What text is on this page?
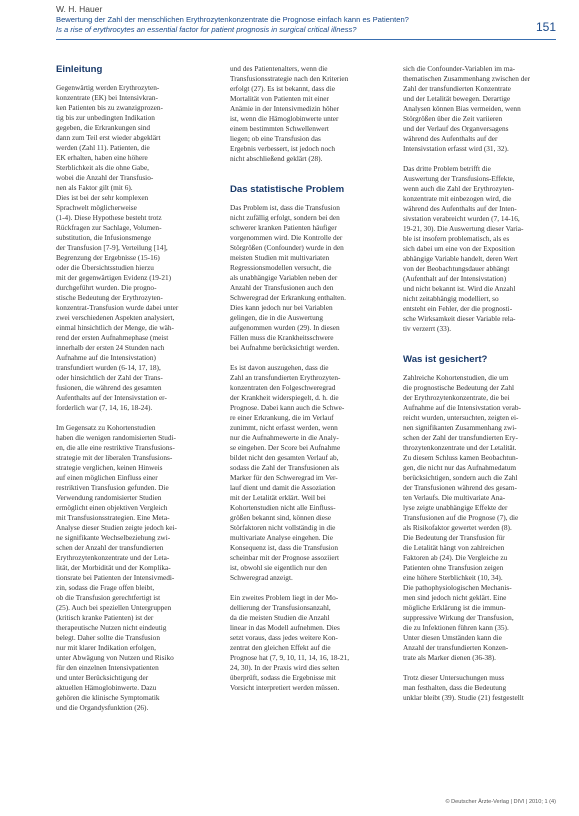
W. H. Hauer
Bewertung der Zahl der menschlichen Erythrozytenkonzentrate die Prognose einfach kann es Patienten?
Is a rise of erythrocytes an essential factor for patient prognosis in surgical critical illness?	151
Einleitung
Gegenwärtig werden Erythrozyten-
konzentrate (EK) bei Intensivkran-
ken Patienten bis zu zwanzigprozen-
tig bis zur unbedingten Indikation
gegeben, die Erkrankungen sind
dann zum Teil erst wieder abgeklärt
werden (Zahl 11). Patienten, die
EK erhalten, haben eine höhere
Sterblichkeit als die ohne Gabe,
wobei die Anzahl der Transfusio-
nen als Faktor gilt (mit 6).
Dies ist bei der sehr komplexen
Sprachwelt möglicherweise
(1-4). Diese Hypothese besteht trotz
Rückfragen zur Sachlage, Volumen-
substitution, die Infusionsmenge
der Transfusion [7-9], Verteilung [14],
Begrenzung der Ergebnisse (15-16)
oder die Übersichtsstudien hierzu
mit der gegenwärtigen Evidenz (19-21)
durchgeführt wurden. Die progno-
stische Bedeutung der Erythrozyten-
konzentrat-Transfusion wurde dabei unter
zwei verschiedenen Aspekten analysiert,
einmal hinsichtlich der Menge, die wäh-
rend der ersten Aufnahmephase (meist
innerhalb der ersten 24 Stunden nach
Aufnahme auf die Intensivstation)
transfundiert wurden (6-14, 17, 18),
oder hinsichtlich der Zahl der Trans-
fusionen, die während des gesamten
Aufenthalts auf der Intensivstation er-
forderlich war (7, 14, 16, 18-24).
Im Gegensatz zu Kohortenstudien
haben die wenigen randomisierten Studi-
en, die alle eine restriktive Transfusions-
strategie mit der liberalen Transfusions-
strategie verglichen, keinen Hinweis
auf einen möglichen Einfluss einer
restriktiven Transfusion gefunden. Die
Verwendung randomisierter Studien
ermöglicht einen objektiven Vergleich
mit Transfusionsstrategien. Eine Meta-
Analyse dieser Studien zeigte jedoch kei-
ne signifikante Wechselbeziehung zwi-
schen der Anzahl der transfundierten
Erythrozytenkonzentrate und der Leta-
lität, der Morbidität und der Komplika-
tionsrate bei Patienten der Intensivmedi-
zin, sodass die Frage offen bleibt,
ob die Transfusion gerechtfertigt ist
(25). Auch bei speziellen Untergruppen
(kritisch kranke Patienten) ist der
therapeutische Nutzen nicht eindeutig
belegt. Daher sollte die Transfusion
nur mit klarer Indikation erfolgen,
unter Abwägung von Nutzen und Risiko
für den einzelnen Intensivpatienten
und unter Berücksichtigung der
aktuellen Hämoglobinwerte. Dazu
gehören die klinische Symptomatik
und die Organdysfunktion (26).
und des Patientenalters, wenn die
Transfusionsstrategie nach den Kriterien
erfolgt (27). Es ist bekannt, dass die
Mortalität von Patienten mit einer
Anämie in der Intensivmedizin höher
ist, wenn die Hämoglobinwerte unter
einem bestimmten Schwellenwert
liegen; ob eine Transfusion das
Ergebnis verbessert, ist jedoch noch
nicht abschließend geklärt (28).
Das statistische Problem
Das Problem ist, dass die Transfusion
nicht zufällig erfolgt, sondern bei den
schwerer kranken Patienten häufiger
vorgenommen wird. Die Kontrolle der
Störgrößen (Confounder) wurde in den
meisten Studien mit multivariaten
Regressionsmodellen versucht, die
als unabhängige Variablen neben der
Anzahl der Transfusionen auch den
Schweregrad der Erkrankung enthalten.
Dies kann jedoch nur bei Variablen
gelingen, die in die Auswertung
aufgenommen wurden (29). In diesen
Fällen muss die Krankheitsschwere
bei Aufnahme berücksichtigt werden.
Es ist davon auszugehen, dass die
Zahl an transfundierten Erythrozyten-
konzentraten den Folgeschweregrad
der Krankheit widerspiegelt, d. h. die
Prognose. Dabei kann auch die Schwe-
re einer Erkrankung, die im Verlauf
zunimmt, nicht erfasst werden, wenn
nur die Aufnahmewerte in die Analy-
se eingehen. Der Score bei Aufnahme
bildet nicht den gesamten Verlauf ab,
sodass die Zahl der Transfusionen als
Marker für den Schweregrad im Ver-
lauf dient und damit die Assoziation
mit der Letalität erklärt. Weil bei
Kohortenstudien nicht alle Einfluss-
größen bekannt sind, können diese
Störfaktoren nicht vollständig in die
multivariate Analyse eingehen. Die
Konsequenz ist, dass die Transfusion
scheinbar mit der Prognose assoziiert
ist, obwohl sie eigentlich nur den
Schweregrad anzeigt.
Ein zweites Problem liegt in der Mo-
dellierung der Transfusionsanzahl,
da die meisten Studien die Anzahl
linear in das Modell aufnehmen. Dies
setzt voraus, dass jedes weitere Kon-
zentrat den gleichen Effekt auf die
Prognose hat (7, 9, 10, 11, 14, 16, 18-21,
24, 30). In der Praxis wird dies selten
überprüft, sodass die Ergebnisse mit
Vorsicht interpretiert werden müssen.
sich die Confounder-Variablen im ma-
thematischen Zusammenhang zwischen der
Zahl der transfundierten Konzentrate
und der Letalität bewegen. Derartige
Analysen können Bias vermeiden, wenn
Störgrößen über die Zeit variieren
und der Verlauf des Organversagens
während des Aufenthalts auf der
Intensivstation erfasst wird (31, 32).
Das dritte Problem betrifft die
Auswertung der Transfusions-Effekte,
wenn auch die Zahl der Erythrozyten-
konzentrate mit einbezogen wird, die
während des Aufenthalts auf der Inten-
sivstation verabreicht wurden (7, 14-16,
19-21, 30). Die Auswertung dieser Varia-
ble ist insofern problematisch, als es
sich dabei um eine von der Exposition
abhängige Variable handelt, deren Wert
von der Beobachtungsdauer abhängt
(Aufenthalt auf der Intensivstation)
und nicht bekannt ist. Wird die Anzahl
nicht zeitabhängig modelliert, so
entsteht ein Fehler, der die prognosti-
sche Wirksamkeit dieser Variable rela-
tiv verzerrt (33).
Was ist gesichert?
Zahlreiche Kohortenstudien, die um
die prognostische Bedeutung der Zahl
der Erythrozytenkonzentrate, die bei
Aufnahme auf die Intensivstation verab-
reicht wurden, untersuchten, zeigten ei-
nen signifikanten Zusammenhang zwi-
schen der Zahl der transfundierten Ery-
throzytenkonzentrate und der Letalität.
Zu diesem Schluss kamen Beobachtun-
gen, die nicht nur das Aufnahmedatum
berücksichtigen, sondern auch die Zahl
der Transfusionen während des gesam-
ten Verlaufs. Die multivariate Ana-
lyse zeigte unabhängige Effekte der
Transfusionen auf die Prognose (7), die
als Risikofaktor gewertet werden (8).
Die Bedeutung der Transfusion für
die Letalität hängt von zahlreichen
Faktoren ab (24). Die Vergleiche zu
Patienten ohne Transfusion zeigen
eine höhere Sterblichkeit (10, 34).
Die pathophysiologischen Mechanis-
men sind jedoch nicht geklärt. Eine
mögliche Erklärung ist die immun-
suppressive Wirkung der Transfusion,
die zu Infektionen führen kann (35).
Unter diesen Umständen kann die
Anzahl der transfundierten Konzen-
trate als Marker dienen (36-38).
Trotz dieser Untersuchungen muss
man festhalten, dass die Bedeutung
unklar bleibt (39). Studie (21) festgestellt
© Deutscher Ärzte-Verlag | DIVI | 2010; 1 (4)
